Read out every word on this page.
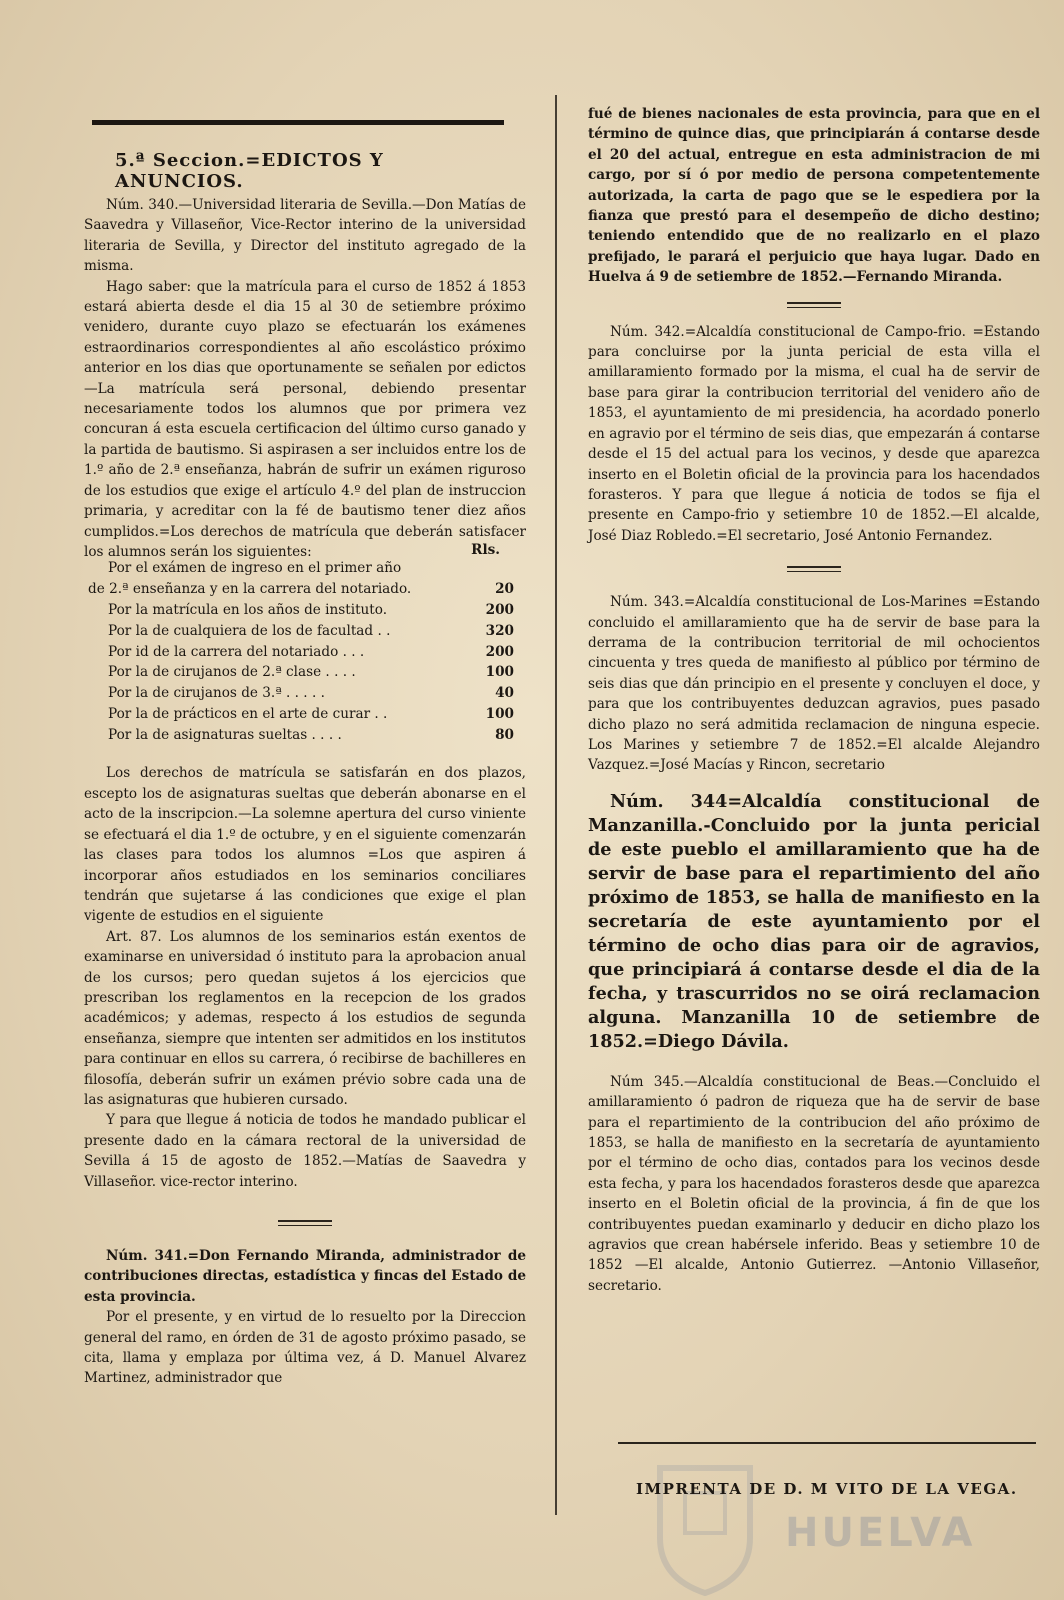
5.ª Seccion.=EDICTOS Y ANUNCIOS.

Núm. 340.—Universidad literaria de Sevilla.—Don Matías de Saavedra y Villaseñor, Vice-Rector interino de la universidad literaria de Sevilla, y Director del instituto agregado de la misma.

Hago saber: que la matrícula para el curso de 1852 á 1853 estará abierta desde el dia 15 al 30 de setiembre próximo venidero, durante cuyo plazo se efectuarán los exámenes estraordinarios correspondientes al año escolástico próximo anterior en los dias que oportunamente se señalen por edictos —La matrícula será personal, debiendo presentar necesariamente todos los alumnos que por primera vez concuran á esta escuela certificacion del último curso ganado y la partida de bautismo. Si aspirasen a ser incluidos entre los de 1.º año de 2.ª enseñanza, habrán de sufrir un exámen riguroso de los estudios que exige el artículo 4.º del plan de instruccion primaria, y acreditar con la fé de bautismo tener diez años cumplidos.=Los derechos de matrícula que deberán satisfacer los alumnos serán los siguientes:	Rls.
Por el exámen de ingreso en el primer año	
de 2.ª enseñanza y en la carrera del notariado.	20
Por la matrícula en los años de instituto.	200
Por la de cualquiera de los de facultad . .	320
Por id de la carrera del notariado . . .	200
Por la de cirujanos de 2.ª clase . . . .	100
Por la de cirujanos de 3.ª . . . . .	40
Por la de prácticos en el arte de curar . .	100
Por la de asignaturas sueltas . . . .	80

Los derechos de matrícula se satisfarán en dos plazos, escepto los de asignaturas sueltas que deberán abonarse en el acto de la inscripcion.—La solemne apertura del curso viniente se efectuará el dia 1.º de octubre, y en el siguiente comenzarán las clases para todos los alumnos =Los que aspiren á incorporar años estudiados en los seminarios conciliares tendrán que sujetarse á las condiciones que exige el plan vigente de estudios en el siguiente

Art. 87. Los alumnos de los seminarios están exentos de examinarse en universidad ó instituto para la aprobacion anual de los cursos; pero quedan sujetos á los ejercicios que prescriban los reglamentos en la recepcion de los grados académicos; y ademas, respecto á los estudios de segunda enseñanza, siempre que intenten ser admitidos en los institutos para continuar en ellos su carrera, ó recibirse de bachilleres en filosofía, deberán sufrir un exámen prévio sobre cada una de las asignaturas que hubieren cursado.

Y para que llegue á noticia de todos he mandado publicar el presente dado en la cámara rectoral de la universidad de Sevilla á 15 de agosto de 1852.—Matías de Saavedra y Villaseñor. vice-rector interino.

Núm. 341.=Don Fernando Miranda, administrador de contribuciones directas, estadística y fincas del Estado de esta provincia.

Por el presente, y en virtud de lo resuelto por la Direccion general del ramo, en órden de 31 de agosto próximo pasado, se cita, llama y emplaza por última vez, á D. Manuel Alvarez Martinez, administrador que

fué de bienes nacionales de esta provincia, para que en el término de quince dias, que principiarán á contarse desde el 20 del actual, entregue en esta administracion de mi cargo, por sí ó por medio de persona competentemente autorizada, la carta de pago que se le espediera por la fianza que prestó para el desempeño de dicho destino; teniendo entendido que de no realizarlo en el plazo prefijado, le parará el perjuicio que haya lugar. Dado en Huelva á 9 de setiembre de 1852.—Fernando Miranda.

Núm. 342.=Alcaldía constitucional de Campo-frio. =Estando para concluirse por la junta pericial de esta villa el amillaramiento formado por la misma, el cual ha de servir de base para girar la contribucion territorial del venidero año de 1853, el ayuntamiento de mi presidencia, ha acordado ponerlo en agravio por el término de seis dias, que empezarán á contarse desde el 15 del actual para los vecinos, y desde que aparezca inserto en el Boletin oficial de la provincia para los hacendados forasteros. Y para que llegue á noticia de todos se fija el presente en Campo-frio y setiembre 10 de 1852.—El alcalde, José Diaz Robledo.=El secretario, José Antonio Fernandez.

Núm. 343.=Alcaldía constitucional de Los-Marines =Estando concluido el amillaramiento que ha de servir de base para la derrama de la contribucion territorial de mil ochocientos cincuenta y tres queda de manifiesto al público por término de seis dias que dán principio en el presente y concluyen el doce, y para que los contribuyentes deduzcan agravios, pues pasado dicho plazo no será admitida reclamacion de ninguna especie. Los Marines y setiembre 7 de 1852.=El alcalde Alejandro Vazquez.=José Macías y Rincon, secretario

Núm. 344=Alcaldía constitucional de Manzanilla.-Concluido por la junta pericial de este pueblo el amillaramiento que ha de servir de base para el repartimiento del año próximo de 1853, se halla de manifiesto en la secretaría de este ayuntamiento por el término de ocho dias para oir de agravios, que principiará á contarse desde el dia de la fecha, y trascurridos no se oirá reclamacion alguna. Manzanilla 10 de setiembre de 1852.=Diego Dávila.

Núm 345.—Alcaldía constitucional de Beas.—Concluido el amillaramiento ó padron de riqueza que ha de servir de base para el repartimiento de la contribucion del año próximo de 1853, se halla de manifiesto en la secretaría de ayuntamiento por el término de ocho dias, contados para los vecinos desde esta fecha, y para los hacendados forasteros desde que aparezca inserto en el Boletin oficial de la provincia, á fin de que los contribuyentes puedan examinarlo y deducir en dicho plazo los agravios que crean habérsele inferido. Beas y setiembre 10 de 1852 —El alcalde, Antonio Gutierrez. —Antonio Villaseñor, secretario.

HUELVA
IMPRENTA DE D. M VITO DE LA VEGA.
